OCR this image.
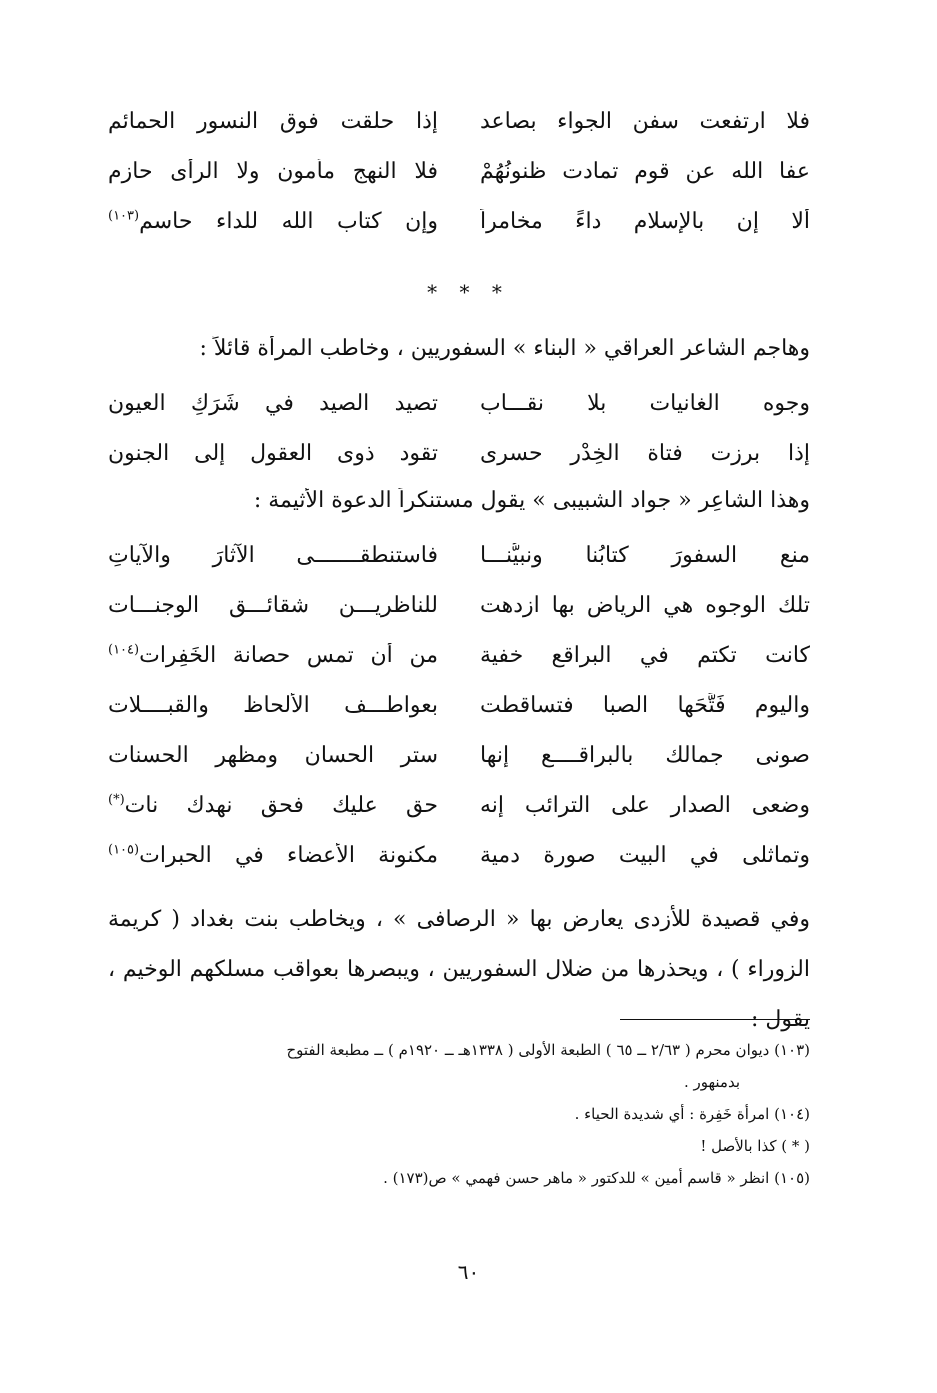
فلا ارتفعت سفن الجواء بصاعد
إذا حلقت فوق النسور الحمائم
عفا الله عن قوم تمادت ظنونُهُمْ
فلا النهج مأمون ولا الرأى حازم
ألا إن بالإسلام داءً مخامراً
وإن كتاب الله للداء حاسم$^{(١٠٣)}$
* * *
وهاجم الشاعر العراقي « البناء » السفوريين ، وخاطب المرأة قائلاً :
وجوه الغانيات بلا نقـــاب
تصيد الصيد في شَرَكِ العيون
إذا برزت فتاة الخِدْرِ حسرى
تقود ذوى العقول إلى الجنون
وهذا الشاعِر « جواد الشبيبى » يقول مستنكراً الدعوة الأثيمة :
منع السفورَ كتابُنا ونبيُّنـــا
فاستنطقـــــــى الآثارَ والآياتِ
تلك الوجوه هي الرياض بها ازدهت
للناظريـــن شقائـــق الوجنـــات
كانت تكتم في البراقع خفية
من أن تمس حصانة الخَفِرات$^{(١٠٤)}$
واليوم فَتَّحَها الصبا فتساقطت
بعواطـــف الألحاظ والقبــــلات
صونى جمالك بالبراقــــع إنها
ستر الحسان ومظهر الحسنات
وضعى الصدار على الترائب إنه
حق عليك فحق نهدك نات(*)
وتماثلى في البيت صورة دمية
مكنونة الأعضاء في الحبرات$^{(١٠٥)}$
وفي قصيدة للأزدى يعارض بها « الرصافى » ، ويخاطب بنت بغداد ( كريمة الزوراء ) ، ويحذرها من ضلال السفوريين ، ويبصرها بعواقب مسلكهم الوخيم ، يقول :
(١٠٣) ديوان محرم ( ٢/٦٣ ــ ٦٥ ) الطبعة الأولى ( ١٣٣٨هـ ــ ١٩٢٠م ) ــ مطبعة الفتوح
بدمنهور .
(١٠٤) امرأة خَفِرة : أي شديدة الحياء .
( * ) كذا بالأصل !
(١٠٥) انظر « قاسم أمين » للدكتور « ماهر حسن فهمي » ص(١٧٣) .
٦٠
